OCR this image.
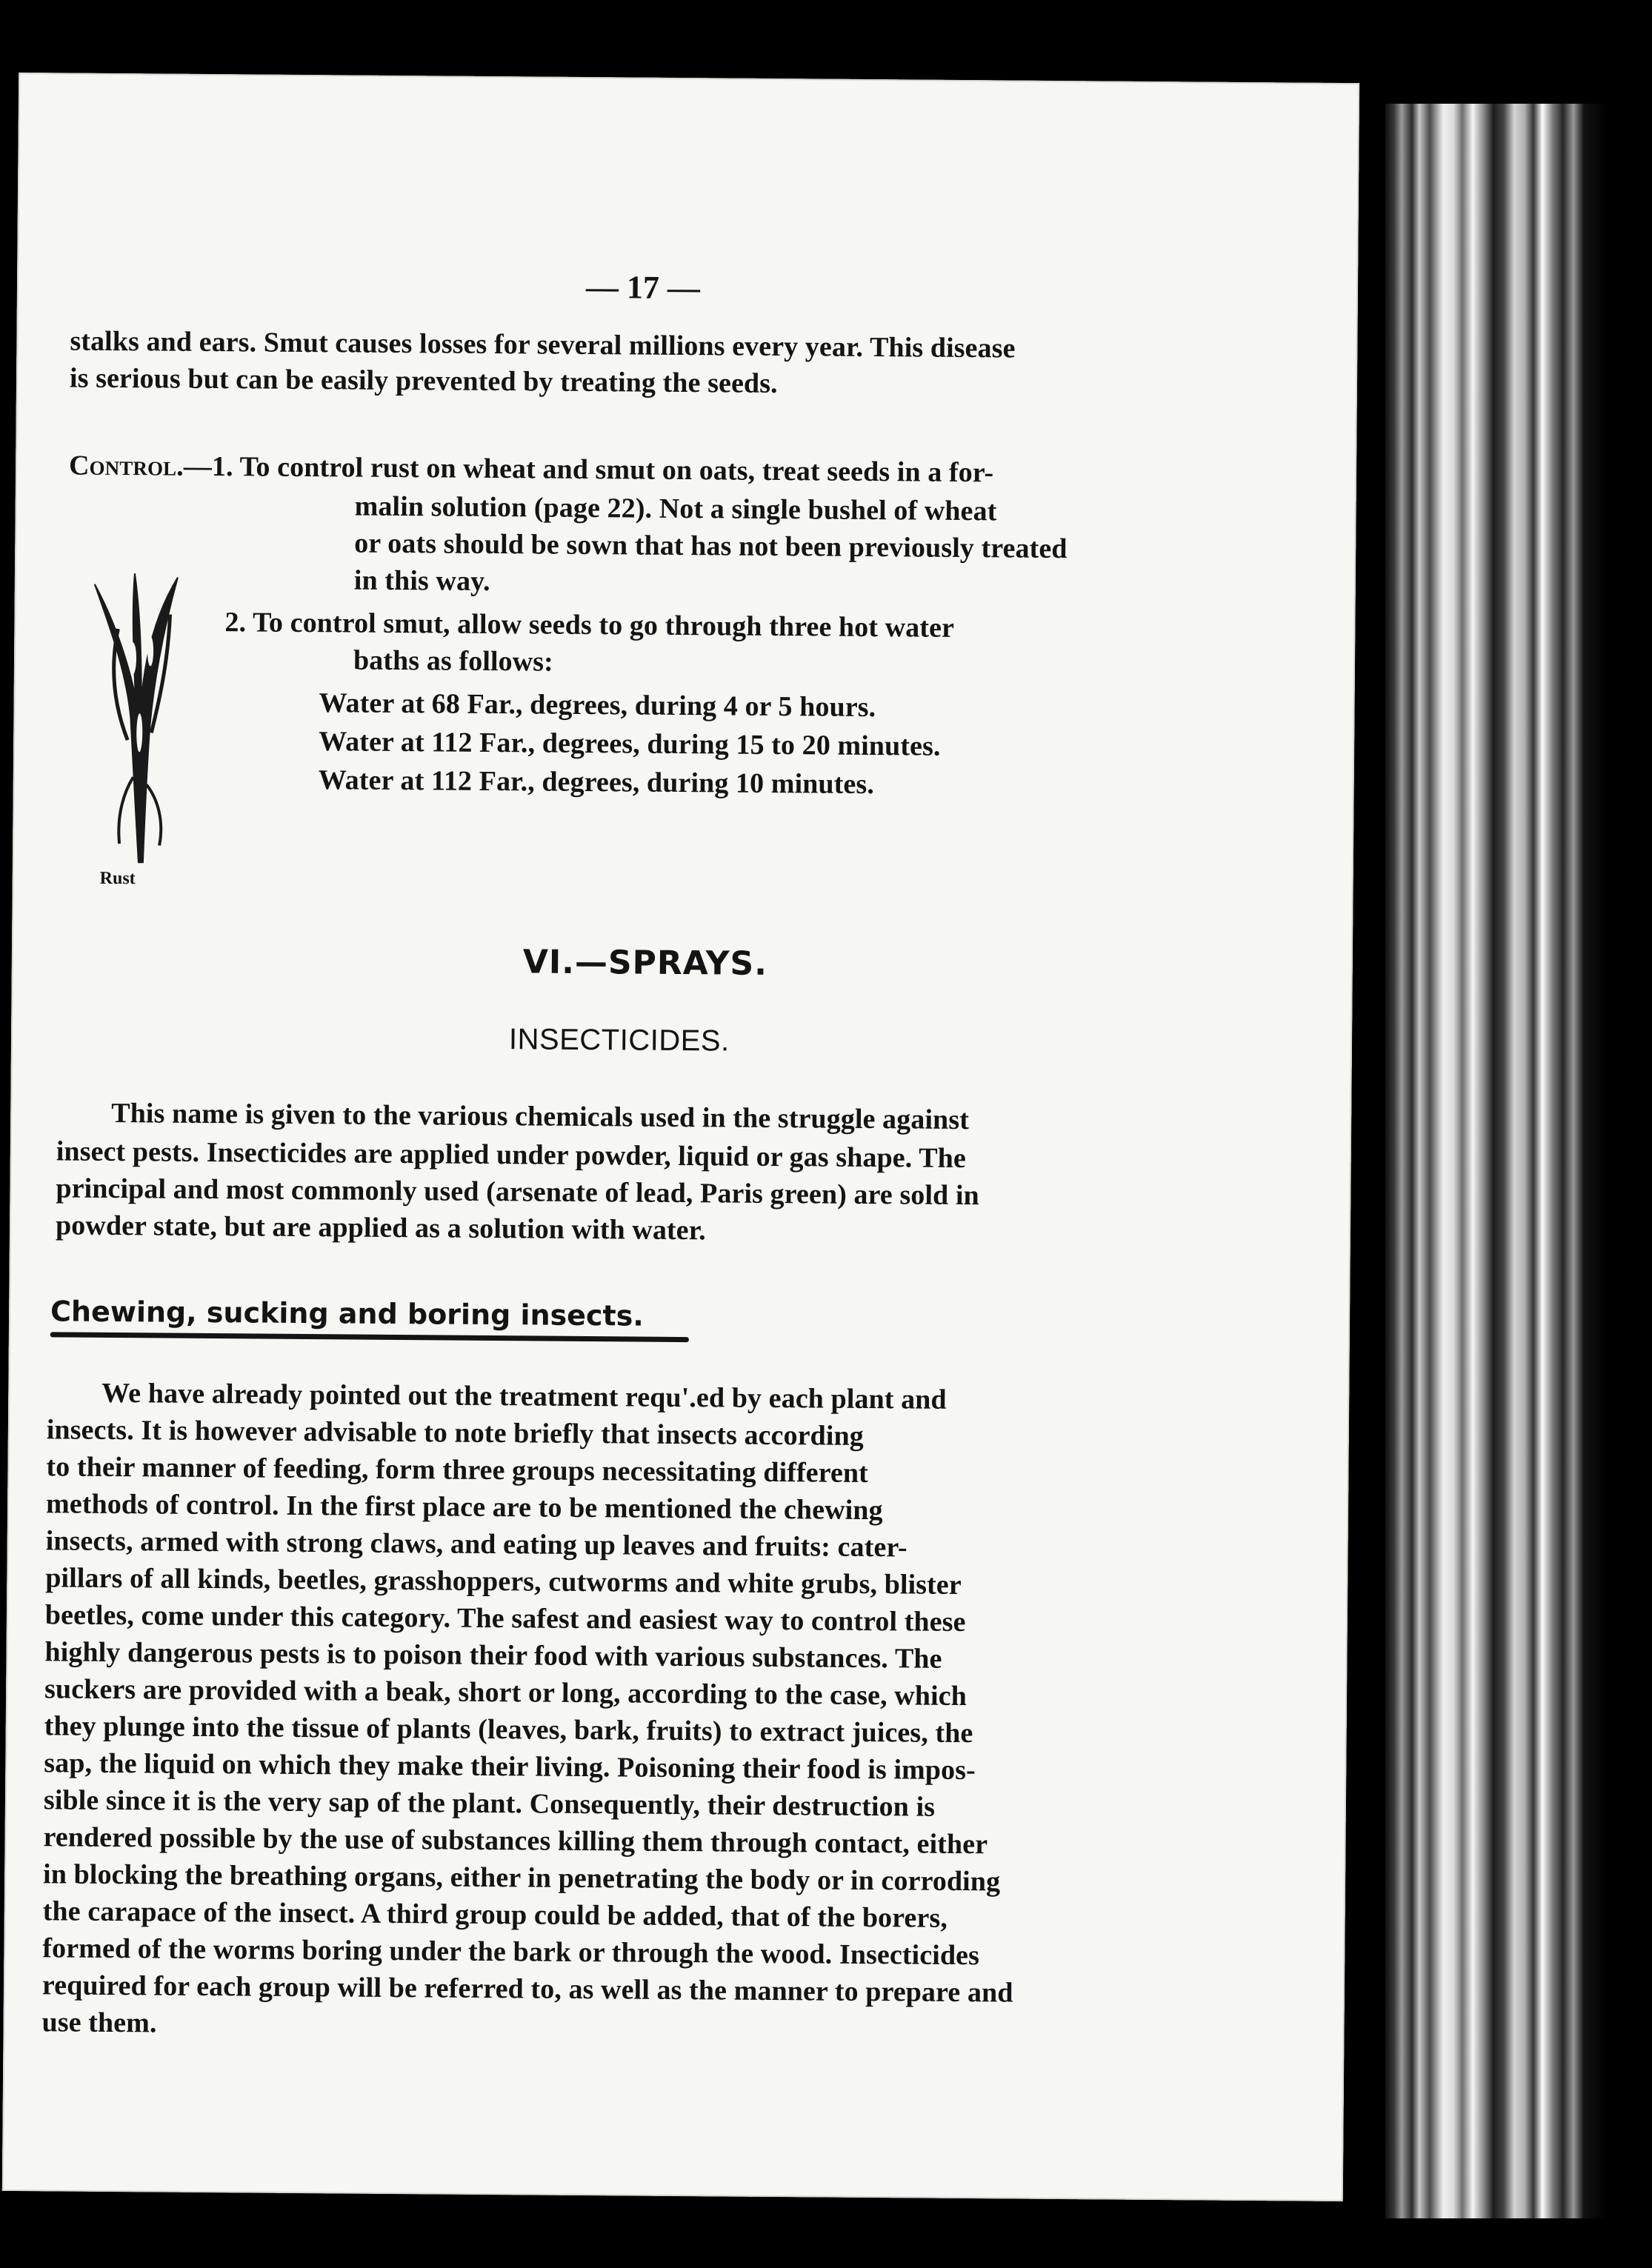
— 17 —

stalks and ears. Smut causes losses for several millions every year. This disease

is serious but can be easily prevented by treating the seeds.

Control.—1. To control rust on wheat and smut on oats, treat seeds in a for-

malin solution (page 22). Not a single bushel of wheat

or oats should be sown that has not been previously treated

in this way.

2. To control smut, allow seeds to go through three hot water

baths as follows:

Water at 68 Far., degrees, during 4 or 5 hours.

Water at 112 Far., degrees, during 15 to 20 minutes.

Water at 112 Far., degrees, during 10 minutes.

Rust

VI.—SPRAYS.

INSECTICIDES.

This name is given to the various chemicals used in the struggle against

insect pests. Insecticides are applied under powder, liquid or gas shape. The

principal and most commonly used (arsenate of lead, Paris green) are sold in

powder state, but are applied as a solution with water.

Chewing, sucking and boring insects.

We have already pointed out the treatment requ'.ed by each plant and

insects. It is however advisable to note briefly that insects according

to their manner of feeding, form three groups necessitating different

methods of control. In the first place are to be mentioned the chewing

insects, armed with strong claws, and eating up leaves and fruits: cater-

pillars of all kinds, beetles, grasshoppers, cutworms and white grubs, blister

beetles, come under this category. The safest and easiest way to control these

highly dangerous pests is to poison their food with various substances. The

suckers are provided with a beak, short or long, according to the case, which

they plunge into the tissue of plants (leaves, bark, fruits) to extract juices, the

sap, the liquid on which they make their living. Poisoning their food is impos-

sible since it is the very sap of the plant. Consequently, their destruction is

rendered possible by the use of substances killing them through contact, either

in blocking the breathing organs, either in penetrating the body or in corroding

the carapace of the insect. A third group could be added, that of the borers,

formed of the worms boring under the bark or through the wood. Insecticides

required for each group will be referred to, as well as the manner to prepare and

use them.
